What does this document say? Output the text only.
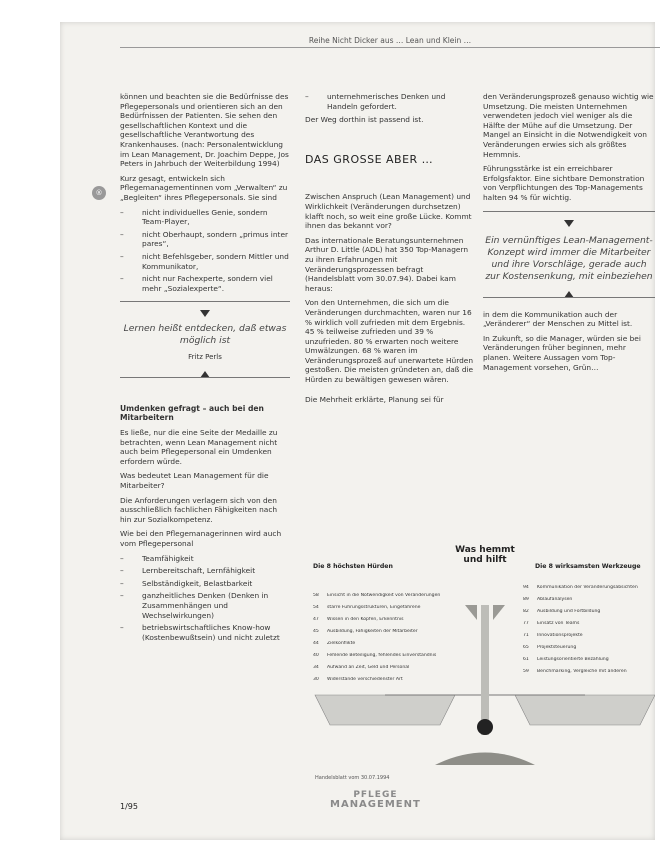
Reihe Nicht Dicker aus … Lean und Klein …
®

können und beachten sie die Bedürfnisse des Pflegepersonals und orientieren sich an den Bedürfnissen der Patienten. Sie sehen den gesellschaftlichen Kontext und die gesellschaftliche Verantwortung des Krankenhauses. (nach: Personalentwicklung im Lean Management, Dr. Joachim Deppe, Jos Peters in Jahrbuch der Weiterbildung 1994)

Kurz gesagt, entwickeln sich Pflegemanagementinnen vom „Verwalten“ zu „Begleiten“ ihres Pflegepersonals. Sie sind

– nicht individuelles Genie, sondern Team-Player,
– nicht Oberhaupt, sondern „primus inter pares“,
– nicht Befehlsgeber, sondern Mittler und Kommunikator,
– nicht nur Fachexperte, sondern viel mehr „Sozialexperte“.
Lernen heißt entdecken, daß etwas möglich ist
Fritz Perls

Umdenken gefragt – auch bei den Mitarbeitern

Es ließe, nur die eine Seite der Medaille zu betrachten, wenn Lean Management nicht auch beim Pflegepersonal ein Umdenken erfordern würde.

Was bedeutet Lean Management für die Mitarbeiter?

Die Anforderungen verlagern sich von den ausschließlich fachlichen Fähigkeiten nach hin zur Sozialkompetenz.

Wie bei den Pflegemanagerinnen wird auch vom Pflegepersonal

– Teamfähigkeit
– Lernbereitschaft, Lernfähigkeit
– Selbständigkeit, Belastbarkeit
– ganzheitliches Denken (Denken in Zusammenhängen und Wechselwirkungen)
– betriebswirtschaftliches Know-how (Kostenbewußtsein) und nicht zuletzt
– unternehmerisches Denken und Handeln gefordert.

Der Weg dorthin ist passend ist.

DAS GROSSE ABER …

Zwischen Anspruch (Lean Management) und Wirklichkeit (Veränderungen durchsetzen) klafft noch, so weit eine große Lücke. Kommt ihnen das bekannt vor?

Das internationale Beratungsunternehmen Arthur D. Little (ADL) hat 350 Top-Managern zu ihren Erfahrungen mit Veränderungsprozessen befragt (Handelsblatt vom 30.07.94). Dabei kam heraus:

Von den Unternehmen, die sich um die Veränderungen durchmachten, waren nur 16 % wirklich voll zufrieden mit dem Ergebnis. 45 % teilweise zufrieden und 39 % unzufrieden. 80 % erwarten noch weitere Umwälzungen. 68 % waren im Veränderungsprozeß auf unerwartete Hürden gestoßen. Die meisten gründeten an, daß die Hürden zu bewältigen gewesen wären.

Die Mehrheit erklärte, Planung sei für

den Veränderungsprozeß genauso wichtig wie Umsetzung. Die meisten Unternehmen verwendeten jedoch viel weniger als die Hälfte der Mühe auf die Umsetzung. Der Mangel an Einsicht in die Notwendigkeit von Veränderungen erwies sich als größtes Hemmnis.

Führungsstärke ist ein erreichbarer Erfolgsfaktor. Eine sichtbare Demonstration von Verpflichtungen des Top-Managements halten 94 % für wichtig.

Ein vernünftiges Lean-Management-Konzept wird immer die Mitarbeiter und ihre Vorschläge, gerade auch zur Kostensenkung, mit einbeziehen

in dem die Kommunikation auch der „Veränderer“ der Menschen zu Mittel ist.

In Zukunft, so die Manager, würden sie bei Veränderungen früher beginnen, mehr planen. Weitere Aussagen vom Top-Management vorsehen, Grün…

Was hemmt und hilft
Die 8 höchsten Hürden	Die 8 wirksamsten Werkzeuge
58 Einsicht in die Notwendigkeit von Veränderungen
54 starre Führungsstrukturen, Eingefahrene
47 Wissen in den Köpfen, Erkenntnis
45 Ausbildung, Fähigkeiten der Mitarbeiter
44 Zielkonflikte
40 Fehlende Beteiligung, fehlendes Einverständnis
34 Aufwand an Zeit, Geld und Personal
30 Widerstände verschiedenster Art
94 Kommunikation der Veränderungsabsichten
89 Ablaufanalysen
82 Ausbildung und Fortbildung
77 Einsatz von Teams
71 Innovationsprojekte
65 Projektsteuerung
61 Leistungsorientierte Bezahlung
59 Benchmarking, Vergleiche mit anderen
Handelsblatt vom 30.07.1994
1/95
PFLEGE
MANAGEMENT
